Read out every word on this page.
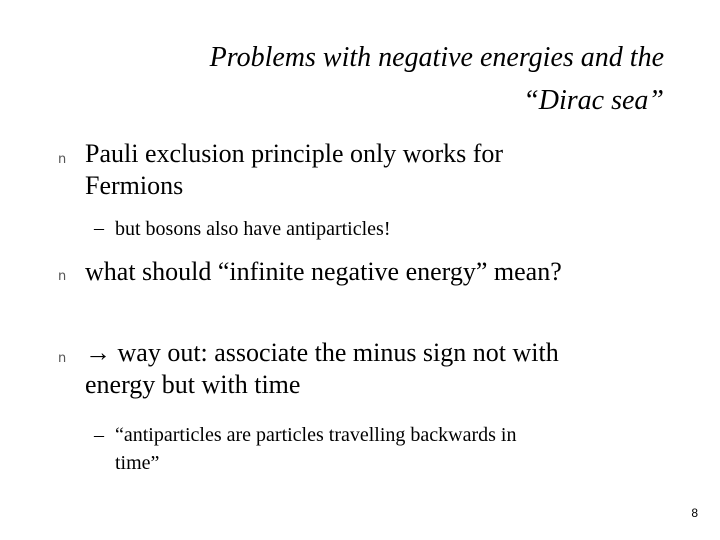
Problems with negative energies and the
“Dirac sea”
n Pauli exclusion principle only works for
Fermions
– but bosons also have antiparticles!
n what should “infinite negative energy” mean?
n → way out: associate the minus sign not with
energy but with time
– “antiparticles are particles travelling backwards in
time”
8
